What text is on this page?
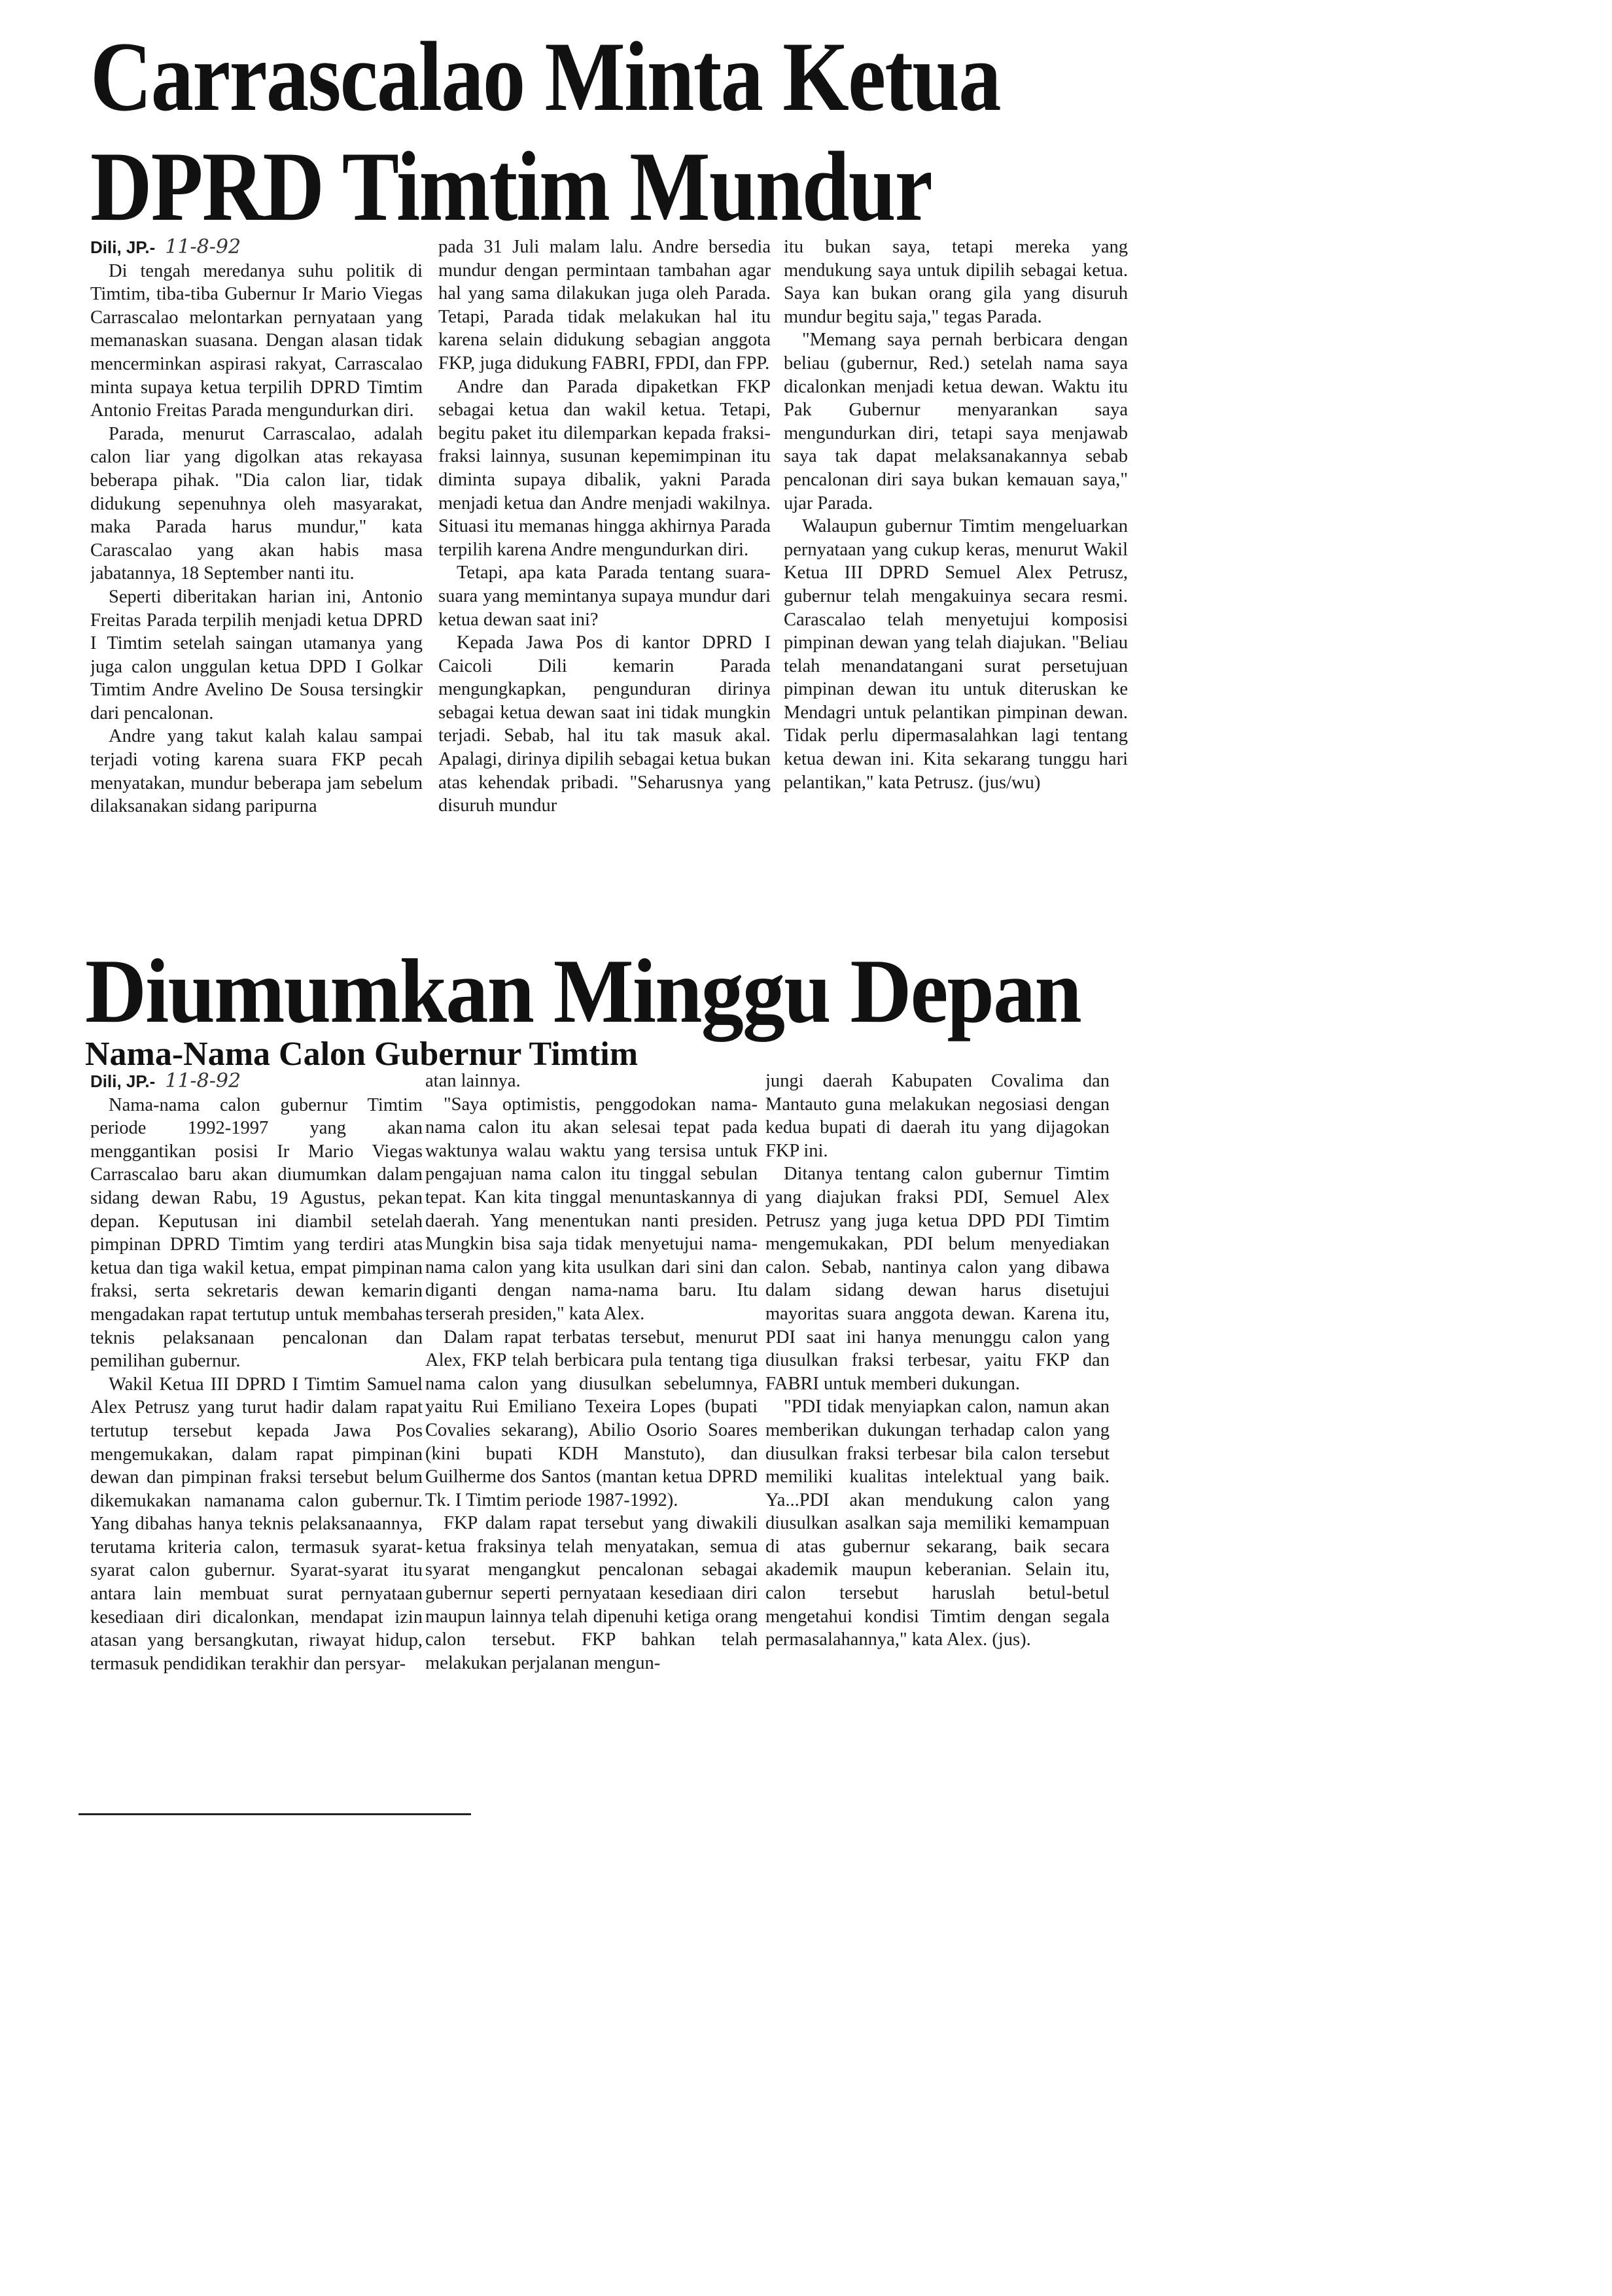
Carrascalao Minta Ketua
DPRD Timtim Mundur
Dili, JP.- 11-8-92

Di tengah meredanya suhu politik di Timtim, tiba-tiba Gubernur Ir Mario Viegas Carrascalao melontarkan pernyataan yang memanaskan suasana. Dengan alasan tidak mencerminkan aspirasi rakyat, Carrascalao minta supaya ketua terpilih DPRD Timtim Antonio Freitas Parada mengundurkan diri.

Parada, menurut Carrascalao, adalah calon liar yang digolkan atas rekayasa beberapa pihak. "Dia calon liar, tidak didukung sepenuhnya oleh masyarakat, maka Parada harus mundur," kata Carascalao yang akan habis masa jabatannya, 18 September nanti itu.

Seperti diberitakan harian ini, Antonio Freitas Parada terpilih menjadi ketua DPRD I Timtim setelah saingan utamanya yang juga calon unggulan ketua DPD I Golkar Timtim Andre Avelino De Sousa tersingkir dari pencalonan.

Andre yang takut kalah kalau sampai terjadi voting karena suara FKP pecah menyatakan, mundur beberapa jam sebelum dilaksanakan sidang paripurna

pada 31 Juli malam lalu. Andre bersedia mundur dengan permintaan tambahan agar hal yang sama dilakukan juga oleh Parada. Tetapi, Parada tidak melakukan hal itu karena selain didukung sebagian anggota FKP, juga didukung FABRI, FPDI, dan FPP.

Andre dan Parada dipaketkan FKP sebagai ketua dan wakil ketua. Tetapi, begitu paket itu dilemparkan kepada fraksi-fraksi lainnya, susunan kepemimpinan itu diminta supaya dibalik, yakni Parada menjadi ketua dan Andre menjadi wakilnya. Situasi itu memanas hingga akhirnya Parada terpilih karena Andre mengundurkan diri.

Tetapi, apa kata Parada tentang suara-suara yang memintanya supaya mundur dari ketua dewan saat ini?

Kepada Jawa Pos di kantor DPRD I Caicoli Dili kemarin Parada mengungkapkan, pengunduran dirinya sebagai ketua dewan saat ini tidak mungkin terjadi. Sebab, hal itu tak masuk akal. Apalagi, dirinya dipilih sebagai ketua bukan atas kehendak pribadi. "Seharusnya yang disuruh mundur

itu bukan saya, tetapi mereka yang mendukung saya untuk dipilih sebagai ketua. Saya kan bukan orang gila yang disuruh mundur begitu saja," tegas Parada.

"Memang saya pernah berbicara dengan beliau (gubernur, Red.) setelah nama saya dicalonkan menjadi ketua dewan. Waktu itu Pak Gubernur menyarankan saya mengundurkan diri, tetapi saya menjawab saya tak dapat melaksanakannya sebab pencalonan diri saya bukan kemauan saya," ujar Parada.

Walaupun gubernur Timtim mengeluarkan pernyataan yang cukup keras, menurut Wakil Ketua III DPRD Semuel Alex Petrusz, gubernur telah mengakuinya secara resmi. Carascalao telah menyetujui komposisi pimpinan dewan yang telah diajukan. "Beliau telah menandatangani surat persetujuan pimpinan dewan itu untuk diteruskan ke Mendagri untuk pelantikan pimpinan dewan. Tidak perlu dipermasalahkan lagi tentang ketua dewan ini. Kita sekarang tunggu hari pelantikan," kata Petrusz. (jus/wu)

Diumumkan Minggu Depan
Nama-Nama Calon Gubernur Timtim
Dili, JP.- 11-8-92

Nama-nama calon gubernur Timtim periode 1992-1997 yang akan menggantikan posisi Ir Mario Viegas Carrascalao baru akan diumumkan dalam sidang dewan Rabu, 19 Agustus, pekan depan. Keputusan ini diambil setelah pimpinan DPRD Timtim yang terdiri atas ketua dan tiga wakil ketua, empat pimpinan fraksi, serta sekretaris dewan kemarin mengadakan rapat tertutup untuk membahas teknis pelaksanaan pencalonan dan pemilihan gubernur.

Wakil Ketua III DPRD I Timtim Samuel Alex Petrusz yang turut hadir dalam rapat tertutup tersebut kepada Jawa Pos mengemukakan, dalam rapat pimpinan dewan dan pimpinan fraksi tersebut belum dikemukakan namanama calon gubernur. Yang dibahas hanya teknis pelaksanaannya, terutama kriteria calon, termasuk syarat-syarat calon gubernur. Syarat-syarat itu antara lain membuat surat pernyataan kesediaan diri dicalonkan, mendapat izin atasan yang bersangkutan, riwayat hidup, termasuk pendidikan terakhir dan persyar-

atan lainnya.

"Saya optimistis, penggodokan nama-nama calon itu akan selesai tepat pada waktunya walau waktu yang tersisa untuk pengajuan nama calon itu tinggal sebulan tepat. Kan kita tinggal menuntaskannya di daerah. Yang menentukan nanti presiden. Mungkin bisa saja tidak menyetujui nama-nama calon yang kita usulkan dari sini dan diganti dengan nama-nama baru. Itu terserah presiden," kata Alex.

Dalam rapat terbatas tersebut, menurut Alex, FKP telah berbicara pula tentang tiga nama calon yang diusulkan sebelumnya, yaitu Rui Emiliano Texeira Lopes (bupati Covalies sekarang), Abilio Osorio Soares (kini bupati KDH Manstuto), dan Guilherme dos Santos (mantan ketua DPRD Tk. I Timtim periode 1987-1992).

FKP dalam rapat tersebut yang diwakili ketua fraksinya telah menyatakan, semua syarat mengangkut pencalonan sebagai gubernur seperti pernyataan kesediaan diri maupun lainnya telah dipenuhi ketiga orang calon tersebut. FKP bahkan telah melakukan perjalanan mengun-

jungi daerah Kabupaten Covalima dan Mantauto guna melakukan negosiasi dengan kedua bupati di daerah itu yang dijagokan FKP ini.

Ditanya tentang calon gubernur Timtim yang diajukan fraksi PDI, Semuel Alex Petrusz yang juga ketua DPD PDI Timtim mengemukakan, PDI belum menyediakan calon. Sebab, nantinya calon yang dibawa dalam sidang dewan harus disetujui mayoritas suara anggota dewan. Karena itu, PDI saat ini hanya menunggu calon yang diusulkan fraksi terbesar, yaitu FKP dan FABRI untuk memberi dukungan.

"PDI tidak menyiapkan calon, namun akan memberikan dukungan terhadap calon yang diusulkan fraksi terbesar bila calon tersebut memiliki kualitas intelektual yang baik. Ya...PDI akan mendukung calon yang diusulkan asalkan saja memiliki kemampuan di atas gubernur sekarang, baik secara akademik maupun keberanian. Selain itu, calon tersebut haruslah betul-betul mengetahui kondisi Timtim dengan segala permasalahannya," kata Alex. (jus).
